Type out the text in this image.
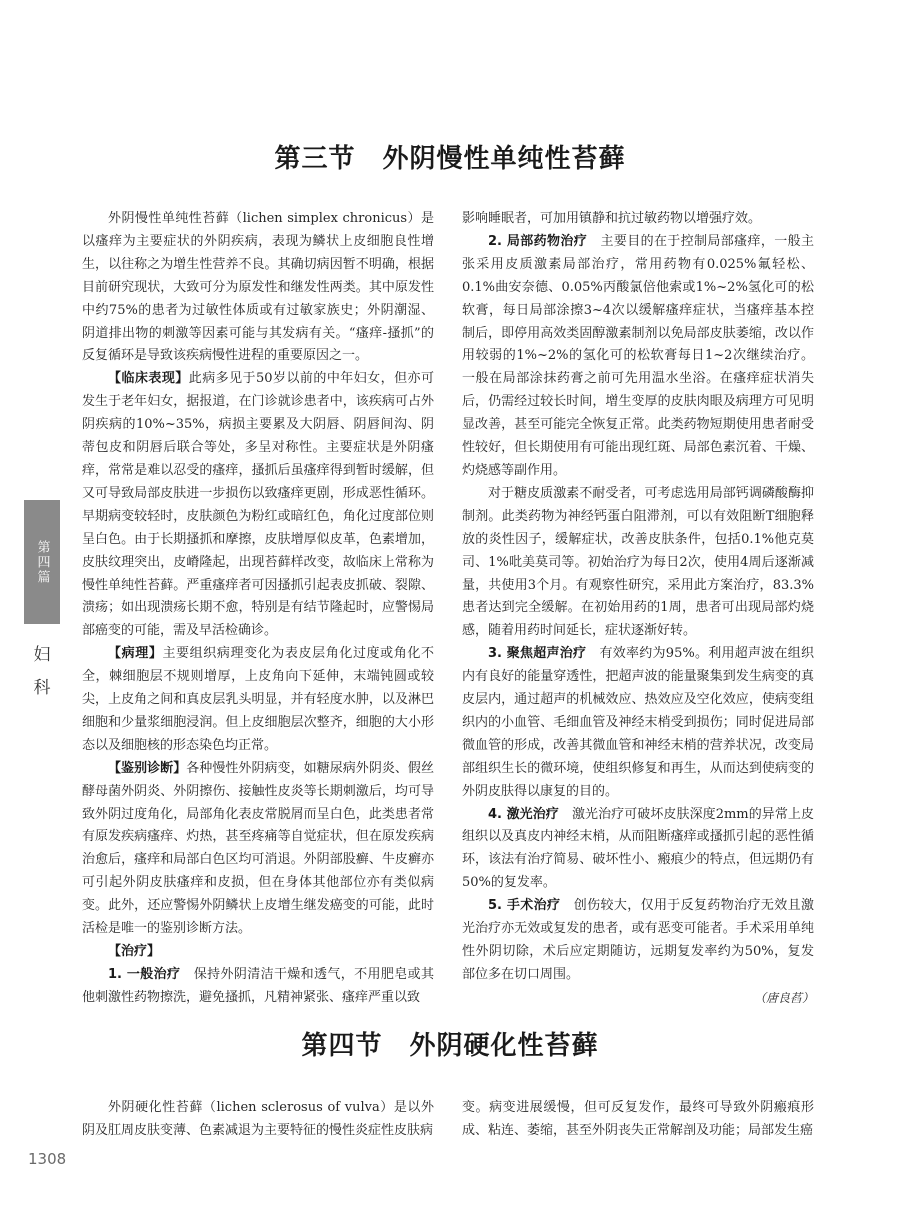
第三节　外阴慢性单纯性苔藓

外阴慢性单纯性苔藓（lichen simplex chronicus）是以瘙痒为主要症状的外阴疾病，表现为鳞状上皮细胞良性增生，以往称之为增生性营养不良。其确切病因暂不明确，根据目前研究现状，大致可分为原发性和继发性两类。其中原发性中约75%的患者为过敏性体质或有过敏家族史；外阴潮湿、阴道排出物的刺激等因素可能与其发病有关。“瘙痒-搔抓”的反复循环是导致该疾病慢性进程的重要原因之一。

【临床表现】此病多见于50岁以前的中年妇女，但亦可发生于老年妇女，据报道，在门诊就诊患者中，该疾病可占外阴疾病的10%~35%，病损主要累及大阴唇、阴唇间沟、阴蒂包皮和阴唇后联合等处，多呈对称性。主要症状是外阴瘙痒，常常是难以忍受的瘙痒，搔抓后虽瘙痒得到暂时缓解，但又可导致局部皮肤进一步损伤以致瘙痒更剧，形成恶性循环。早期病变较轻时，皮肤颜色为粉红或暗红色，角化过度部位则呈白色。由于长期搔抓和摩擦，皮肤增厚似皮革，色素增加，皮肤纹理突出，皮嵴隆起，出现苔藓样改变，故临床上常称为慢性单纯性苔藓。严重瘙痒者可因搔抓引起表皮抓破、裂隙、溃疡；如出现溃疡长期不愈，特别是有结节隆起时，应警惕局部癌变的可能，需及早活检确诊。

【病理】主要组织病理变化为表皮层角化过度或角化不全，棘细胞层不规则增厚，上皮角向下延伸，末端钝圆或较尖，上皮角之间和真皮层乳头明显，并有轻度水肿，以及淋巴细胞和少量浆细胞浸润。但上皮细胞层次整齐，细胞的大小形态以及细胞核的形态染色均正常。

【鉴别诊断】各种慢性外阴病变，如糖尿病外阴炎、假丝酵母菌外阴炎、外阴擦伤、接触性皮炎等长期刺激后，均可导致外阴过度角化，局部角化表皮常脱屑而呈白色，此类患者常有原发疾病瘙痒、灼热，甚至疼痛等自觉症状，但在原发疾病治愈后，瘙痒和局部白色区均可消退。外阴部股癣、牛皮癣亦可引起外阴皮肤瘙痒和皮损，但在身体其他部位亦有类似病变。此外，还应警惕外阴鳞状上皮增生继发癌变的可能，此时活检是唯一的鉴别诊断方法。

【治疗】

1. 一般治疗　 保持外阴清洁干燥和透气，不用肥皂或其他刺激性药物擦洗，避免搔抓，凡精神紧张、瘙痒严重以致

影响睡眠者，可加用镇静和抗过敏药物以增强疗效。

2. 局部药物治疗　 主要目的在于控制局部瘙痒，一般主张采用皮质激素局部治疗，常用药物有0.025%氟轻松、0.1%曲安奈德、0.05%丙酸氯倍他索或1%~2%氢化可的松软膏，每日局部涂擦3~4次以缓解瘙痒症状，当瘙痒基本控制后，即停用高效类固醇激素制剂以免局部皮肤萎缩，改以作用较弱的1%~2%的氢化可的松软膏每日1~2次继续治疗。一般在局部涂抹药膏之前可先用温水坐浴。在瘙痒症状消失后，仍需经过较长时间，增生变厚的皮肤肉眼及病理方可见明显改善，甚至可能完全恢复正常。此类药物短期使用患者耐受性较好，但长期使用有可能出现红斑、局部色素沉着、干燥、灼烧感等副作用。

对于糖皮质激素不耐受者，可考虑选用局部钙调磷酸酶抑制剂。此类药物为神经钙蛋白阻滞剂，可以有效阻断T细胞释放的炎性因子，缓解症状，改善皮肤条件，包括0.1%他克莫司、1%吡美莫司等。初始治疗为每日2次，使用4周后逐渐减量，共使用3个月。有观察性研究，采用此方案治疗，83.3%患者达到完全缓解。在初始用药的1周，患者可出现局部灼烧感，随着用药时间延长，症状逐渐好转。

3. 聚焦超声治疗　 有效率约为95%。利用超声波在组织内有良好的能量穿透性，把超声波的能量聚集到发生病变的真皮层内，通过超声的机械效应、热效应及空化效应，使病变组织内的小血管、毛细血管及神经末梢受到损伤；同时促进局部微血管的形成，改善其微血管和神经末梢的营养状况，改变局部组织生长的微环境，使组织修复和再生，从而达到使病变的外阴皮肤得以康复的目的。

4. 激光治疗　 激光治疗可破坏皮肤深度2mm的异常上皮组织以及真皮内神经末梢，从而阻断瘙痒或搔抓引起的恶性循环，该法有治疗简易、破坏性小、瘢痕少的特点，但远期仍有50%的复发率。

5. 手术治疗　 创伤较大，仅用于反复药物治疗无效且激光治疗亦无效或复发的患者，或有恶变可能者。手术采用单纯性外阴切除，术后应定期随访，远期复发率约为50%，复发部位多在切口周围。

（唐良萏）

第四节　外阴硬化性苔藓

外阴硬化性苔藓（lichen sclerosus of vulva）是以外阴及肛周皮肤变薄、色素减退为主要特征的慢性炎症性皮肤病

变。病变进展缓慢，但可反复发作，最终可导致外阴瘢痕形成、粘连、萎缩，甚至外阴丧失正常解剖及功能；局部发生癌

第四篇
妇
科
1308
